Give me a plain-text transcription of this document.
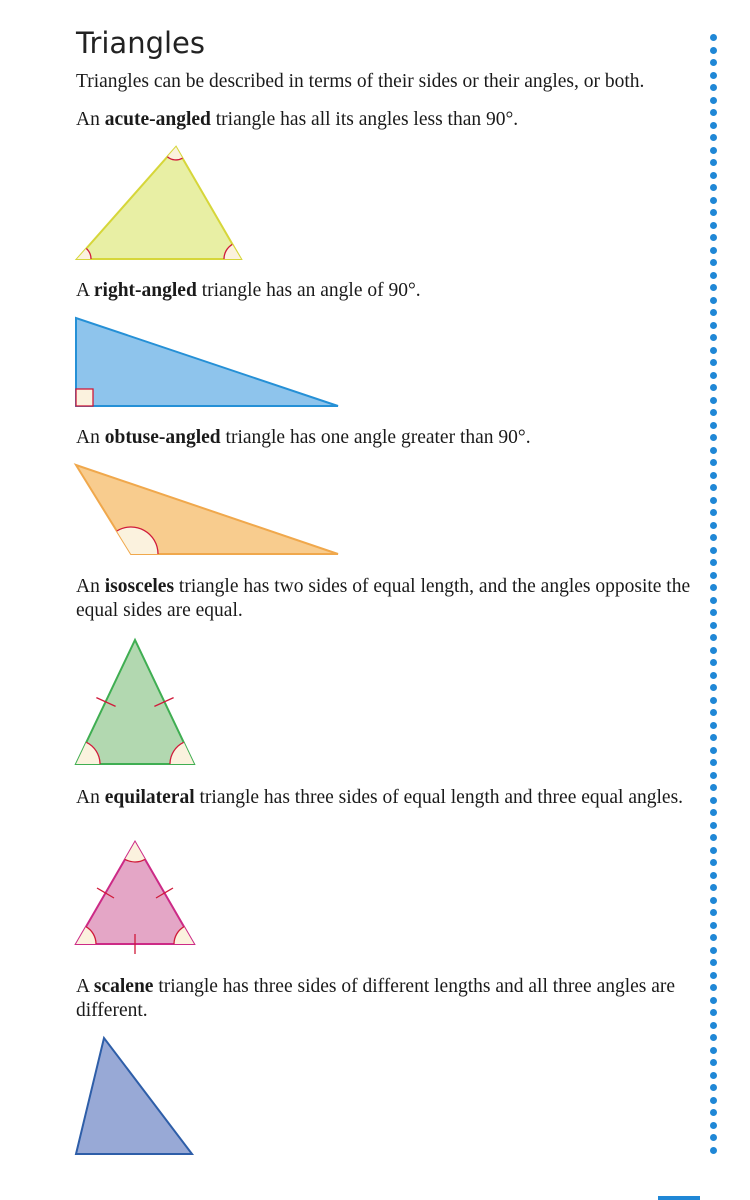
Triangles

Triangles can be described in terms of their sides or their angles, or both.

An acute-angled triangle has all its angles less than 90°.

A right-angled triangle has an angle of 90°.

An obtuse-angled triangle has one angle greater than 90°.

An isosceles triangle has two sides of equal length, and the angles opposite the equal sides are equal.

An equilateral triangle has three sides of equal length and three equal angles.

A scalene triangle has three sides of different lengths and all three angles are different.
